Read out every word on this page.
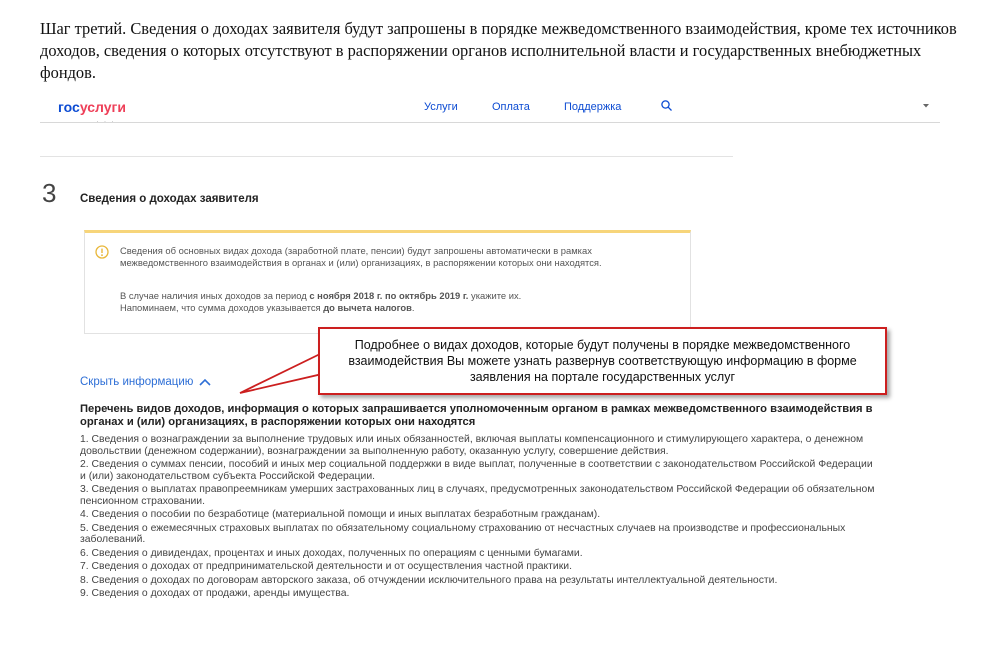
Шаг третий. Сведения о доходах заявителя будут запрошены в порядке межведомственного взаимодействия, кроме тех источников доходов, сведения о которых отсутствуют в распоряжении органов исполнительной власти и государственных внебюджетных фондов.
госуслуги	Услуги	Оплата	Поддержка
· · ·
3 Сведения о доходах заявителя

Сведения об основных видах дохода (заработной плате, пенсии) будут запрошены автоматически в рамках межведомственного взаимодействия в органах и (или) организациях, в распоряжении которых они находятся.

В случае наличия иных доходов за период с ноября 2018 г. по октябрь 2019 г. укажите их.

Напоминаем, что сумма доходов указывается до вычета налогов.

Подробнее о видах доходов, которые будут получены в порядке межведомственного взаимодействия Вы можете узнать развернув соответствующую информацию в форме заявления на портале государственных услуг
Скрыть информацию
Перечень видов доходов, информация о которых запрашивается уполномоченным органом в рамках межведомственного взаимодействия в органах и (или) организациях, в распоряжении которых они находятся
1. Сведения о вознаграждении за выполнение трудовых или иных обязанностей, включая выплаты компенсационного и стимулирующего характера, о денежном довольствии (денежном содержании), вознаграждении за выполненную работу, оказанную услугу, совершение действия.
2. Сведения о суммах пенсии, пособий и иных мер социальной поддержки в виде выплат, полученные в соответствии с законодательством Российской Федерации и (или) законодательством субъекта Российской Федерации.
3. Сведения о выплатах правопреемникам умерших застрахованных лиц в случаях, предусмотренных законодательством Российской Федерации об обязательном пенсионном страховании.
4. Сведения о пособии по безработице (материальной помощи и иных выплатах безработным гражданам).
5. Сведения о ежемесячных страховых выплатах по обязательному социальному страхованию от несчастных случаев на производстве и профессиональных заболеваний.
6. Сведения о дивидендах, процентах и иных доходах, полученных по операциям с ценными бумагами.
7. Сведения о доходах от предпринимательской деятельности и от осуществления частной практики.
8. Сведения о доходах по договорам авторского заказа, об отчуждении исключительного права на результаты интеллектуальной деятельности.
9. Сведения о доходах от продажи, аренды имущества.
